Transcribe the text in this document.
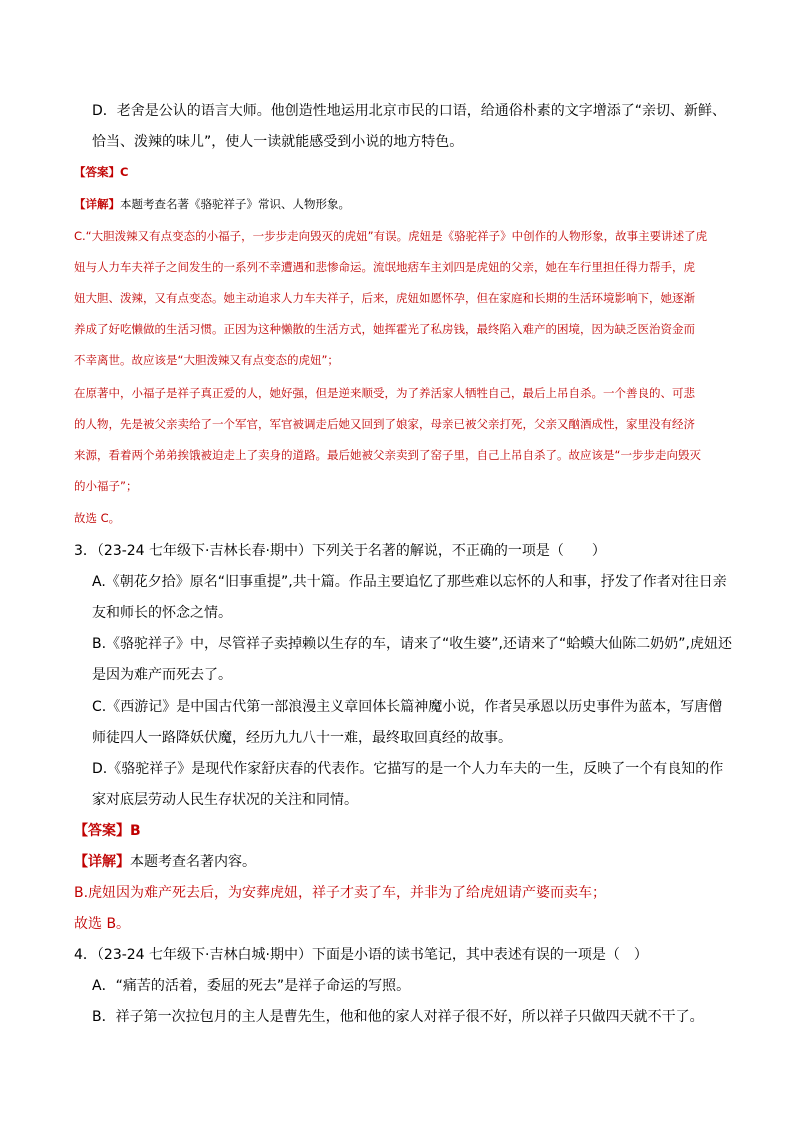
D．老舍是公认的语言大师。他创造性地运用北京市民的口语，给通俗朴素的文字增添了“亲切、新鲜、
恰当、泼辣的味儿”，使人一读就能感受到小说的地方特色。
【答案】C
【详解】本题考查名著《骆驼祥子》常识、人物形象。
C.“大胆泼辣又有点变态的小福子，一步步走向毁灭的虎妞”有误。虎妞是《骆驼祥子》中创作的人物形象，故事主要讲述了虎
妞与人力车夫祥子之间发生的一系列不幸遭遇和悲惨命运。流氓地痞车主刘四是虎妞的父亲，她在车行里担任得力帮手，虎
妞大胆、泼辣，又有点变态。她主动追求人力车夫祥子，后来，虎妞如愿怀孕，但在家庭和长期的生活环境影响下，她逐渐
养成了好吃懒做的生活习惯。正因为这种懒散的生活方式，她挥霍光了私房钱，最终陷入难产的困境，因为缺乏医治资金而
不幸离世。故应该是“大胆泼辣又有点变态的虎妞”；
在原著中，小福子是祥子真正爱的人，她好强，但是逆来顺受，为了养活家人牺牲自己，最后上吊自杀。一个善良的、可悲
的人物，先是被父亲卖给了一个军官，军官被调走后她又回到了娘家，母亲已被父亲打死，父亲又酗酒成性，家里没有经济
来源，看着两个弟弟挨饿被迫走上了卖身的道路。最后她被父亲卖到了窑子里，自己上吊自杀了。故应该是“一步步走向毁灭
的小福子”；
故选 C。
3．（23-24 七年级下·吉林长春·期中）下列关于名著的解说，不正确的一项是（　　）
A.《朝花夕拾》原名“旧事重提”,共十篇。作品主要追忆了那些难以忘怀的人和事，抒发了作者对往日亲
友和师长的怀念之情。
B.《骆驼祥子》中，尽管祥子卖掉赖以生存的车，请来了“收生婆”,还请来了“蛤蟆大仙陈二奶奶”,虎妞还
是因为难产而死去了。
C.《西游记》是中国古代第一部浪漫主义章回体长篇神魔小说，作者吴承恩以历史事件为蓝本，写唐僧
师徒四人一路降妖伏魔，经历九九八十一难，最终取回真经的故事。
D.《骆驼祥子》是现代作家舒庆春的代表作。它描写的是一个人力车夫的一生，反映了一个有良知的作
家对底层劳动人民生存状况的关注和同情。
【答案】B
【详解】本题考查名著内容。
B.虎妞因为难产死去后，为安葬虎妞，祥子才卖了车，并非为了给虎妞请产婆而卖车；
故选 B。
4．（23-24 七年级下·吉林白城·期中）下面是小语的读书笔记，其中表述有误的一项是（　）
A．“痛苦的活着，委屈的死去”是祥子命运的写照。
B．祥子第一次拉包月的主人是曹先生，他和他的家人对祥子很不好，所以祥子只做四天就不干了。
